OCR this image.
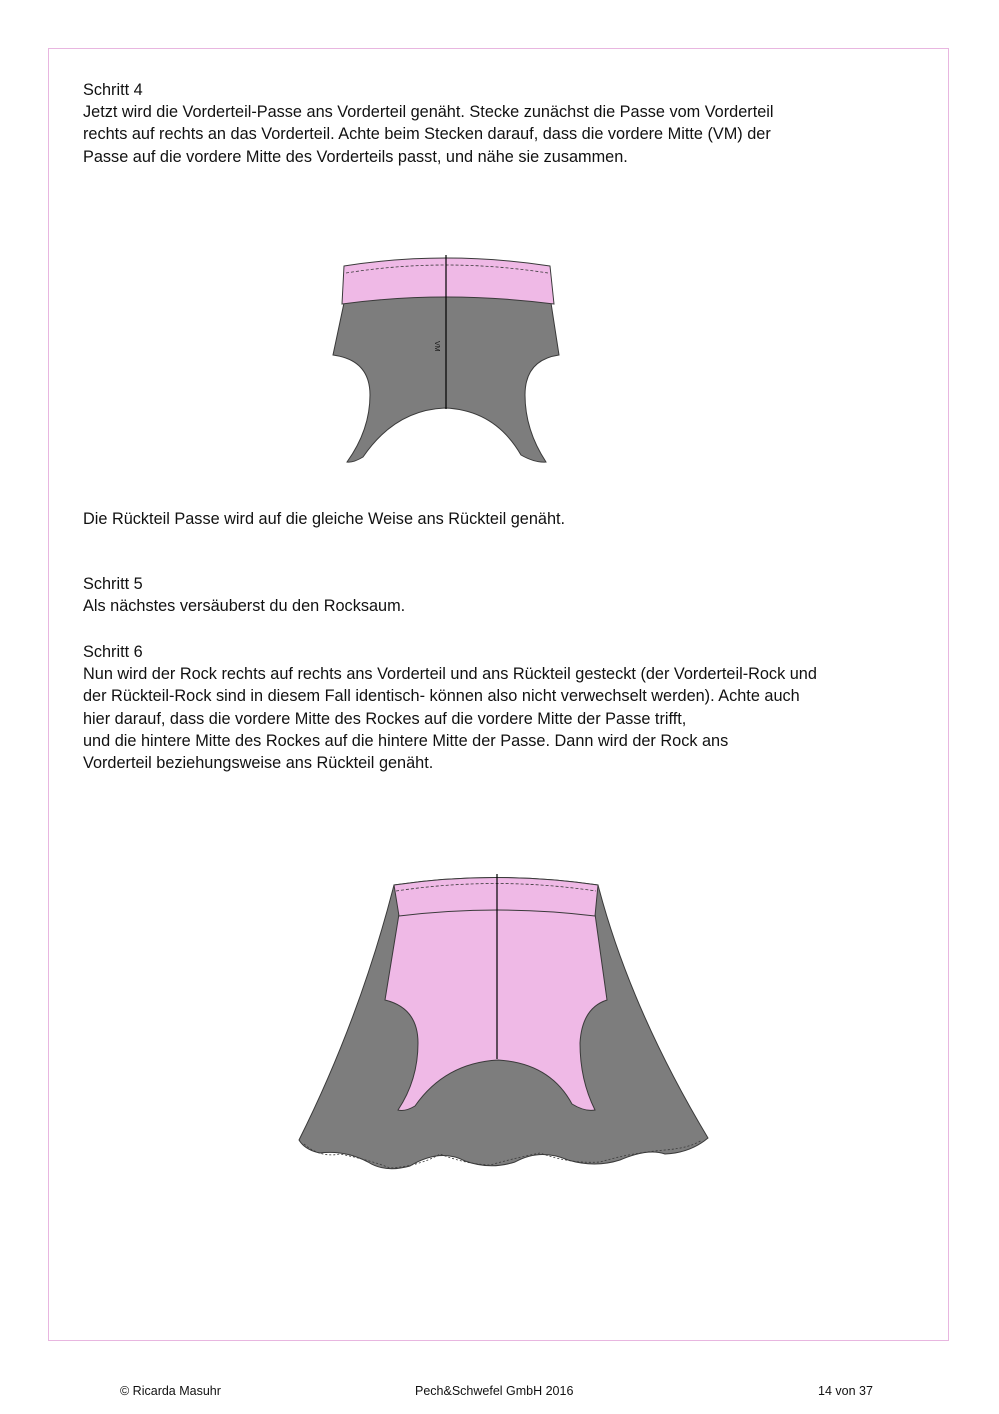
Schritt 4

Jetzt wird die Vorderteil-Passe ans Vorderteil genäht. Stecke zunächst die Passe vom Vorderteil

rechts auf rechts an das Vorderteil. Achte beim Stecken darauf, dass die vordere Mitte (VM) der

Passe auf die vordere Mitte des Vorderteils passt, und nähe sie zusammen.

VM

Die Rückteil Passe wird auf die gleiche Weise ans Rückteil genäht.

Schritt 5

Als nächstes versäuberst du den Rocksaum.

Schritt 6

Nun wird der Rock rechts auf rechts ans Vorderteil und ans Rückteil gesteckt (der Vorderteil-Rock und

der Rückteil-Rock sind in diesem Fall identisch- können also nicht verwechselt werden). Achte auch

hier darauf, dass die vordere Mitte des Rockes auf die vordere Mitte der Passe trifft,

und die hintere Mitte des Rockes auf die hintere Mitte der Passe. Dann wird der Rock ans

Vorderteil beziehungsweise ans Rückteil genäht.

© Ricarda Masuhr	Pech&Schwefel GmbH 2016	14 von 37
